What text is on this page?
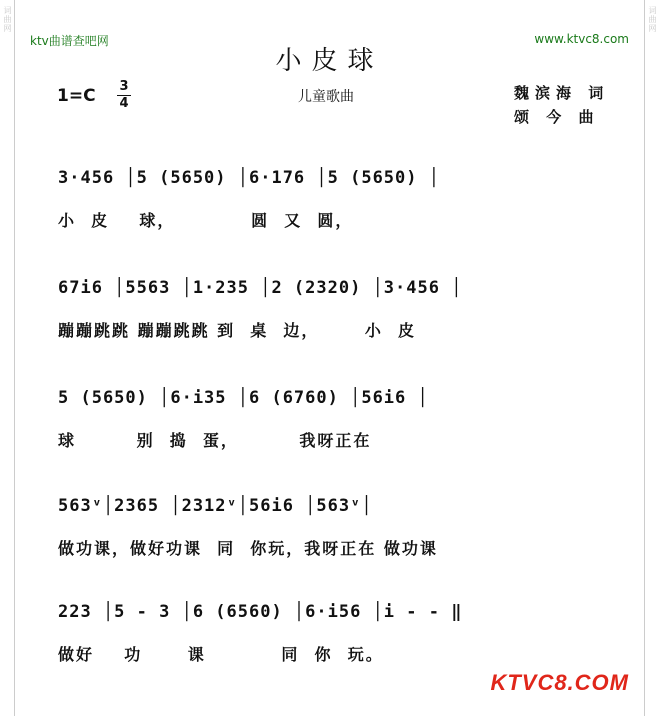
词曲网	词曲网
ktv曲谱查吧网	www.ktvc8.com
小皮球
1=C 3
4	儿童歌曲	魏滨海 词
颂 今 曲
3·456 │5 (5650) │6·176 │5 (5650) │
小  皮    球，          圆  又  圆，
67i6 │5563 │1·235 │2 (2320) │3·456 │
蹦蹦跳跳 蹦蹦跳跳 到  桌  边，      小  皮
5 (5650) │6·i35 │6 (6760) │56i6 │
球        别  捣  蛋，        我呀正在
563ᵛ│2365 │2312ᵛ│56i6 │563ᵛ│
做功课，做好功课  同  你玩，我呀正在 做功课
223 │5 - 3 │6 (6560) │6·i56 │i - - ‖
做好    功      课          同  你  玩。
KTVC8.COM
